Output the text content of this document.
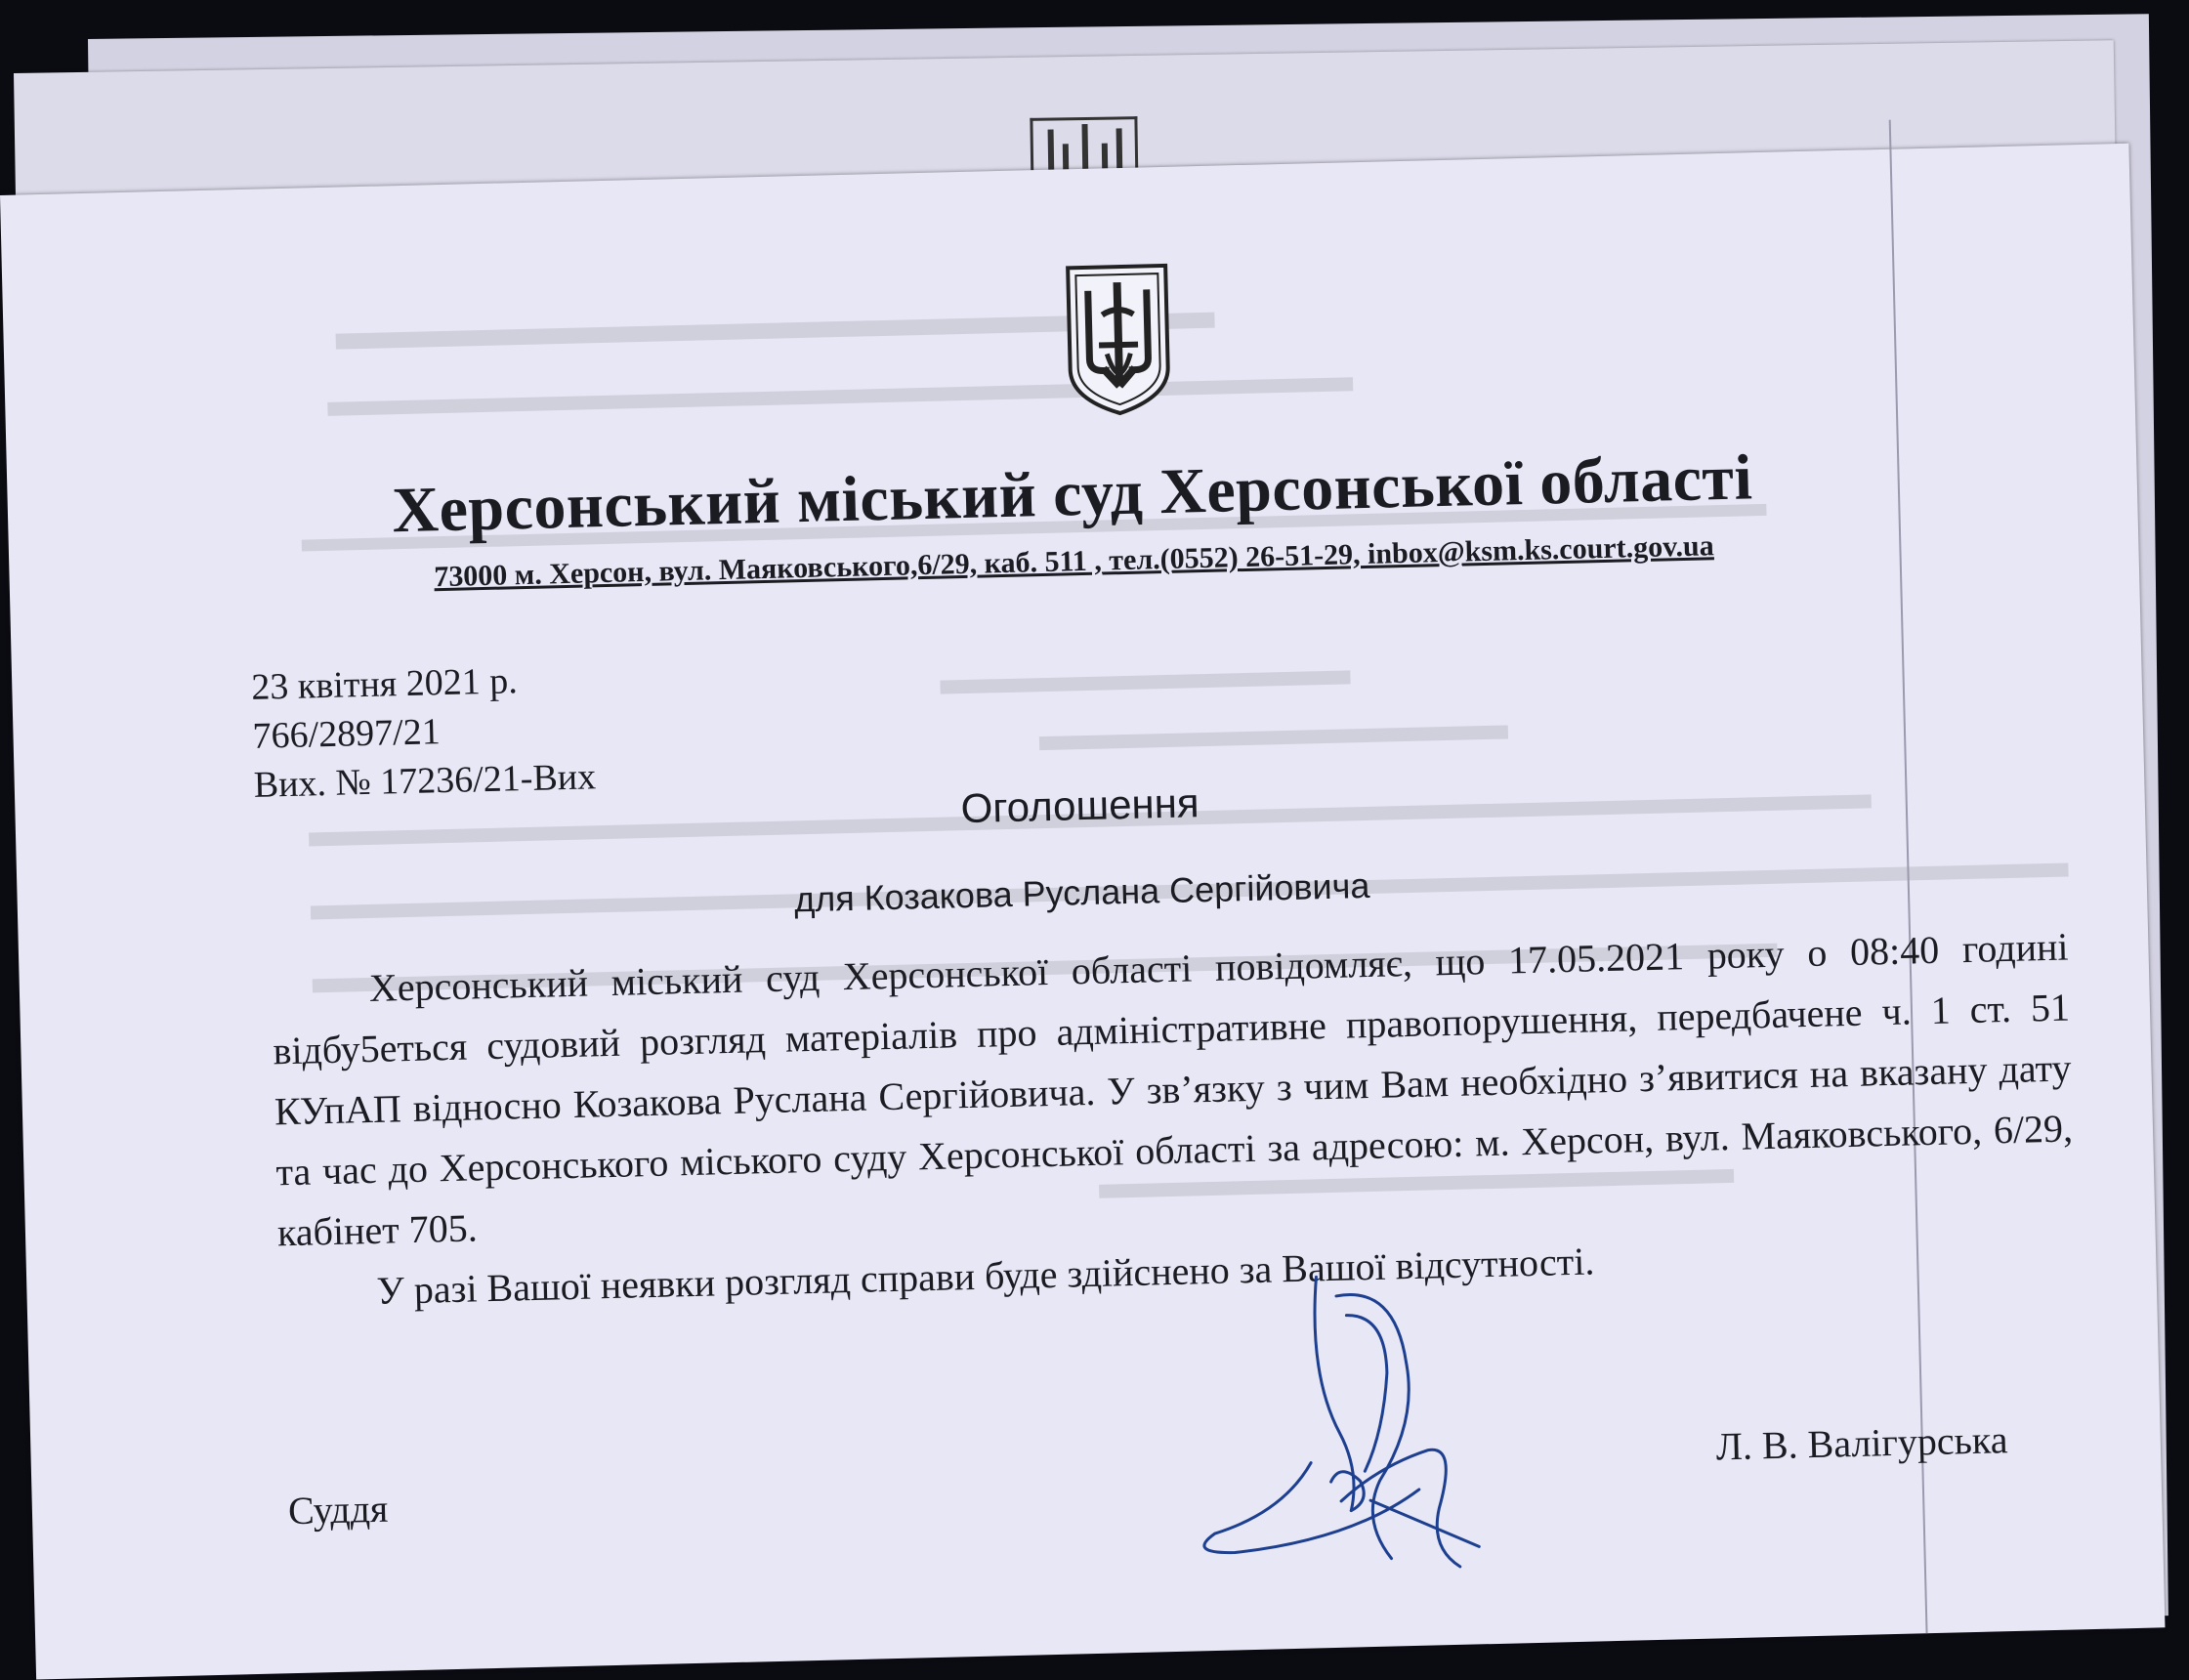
Херсонський міський суд Херсонської області
73000 м. Херсон, вул. Маяковського,6/29, каб. 511 , тел.(0552) 26-51-29, inbox@ksm.ks.court.gov.ua
23 квітня 2021 р.
766/2897/21
Вих. № 17236/21-Вих	Оголошення
для Козакова Руслана Сергійовича

Херсонський міський суд Херсонської області повідомляє, що 17.05.2021 року о 08:40 годині відбу5еться судовий розгляд матеріалів про адміністративне правопорушення, передбачене ч. 1 ст. 51 КУпАП відносно Козакова Руслана Сергійовича. У зв’язку з чим Вам необхідно з’явитися на вказану дату та час до Херсонського міського суду Херсонської області за адресою: м. Херсон, вул. Маяковського, 6/29, кабінет 705.

У разі Вашої неявки розгляд справи буде здійснено за Вашої відсутності.

Суддя
Л. В. Валігурська
